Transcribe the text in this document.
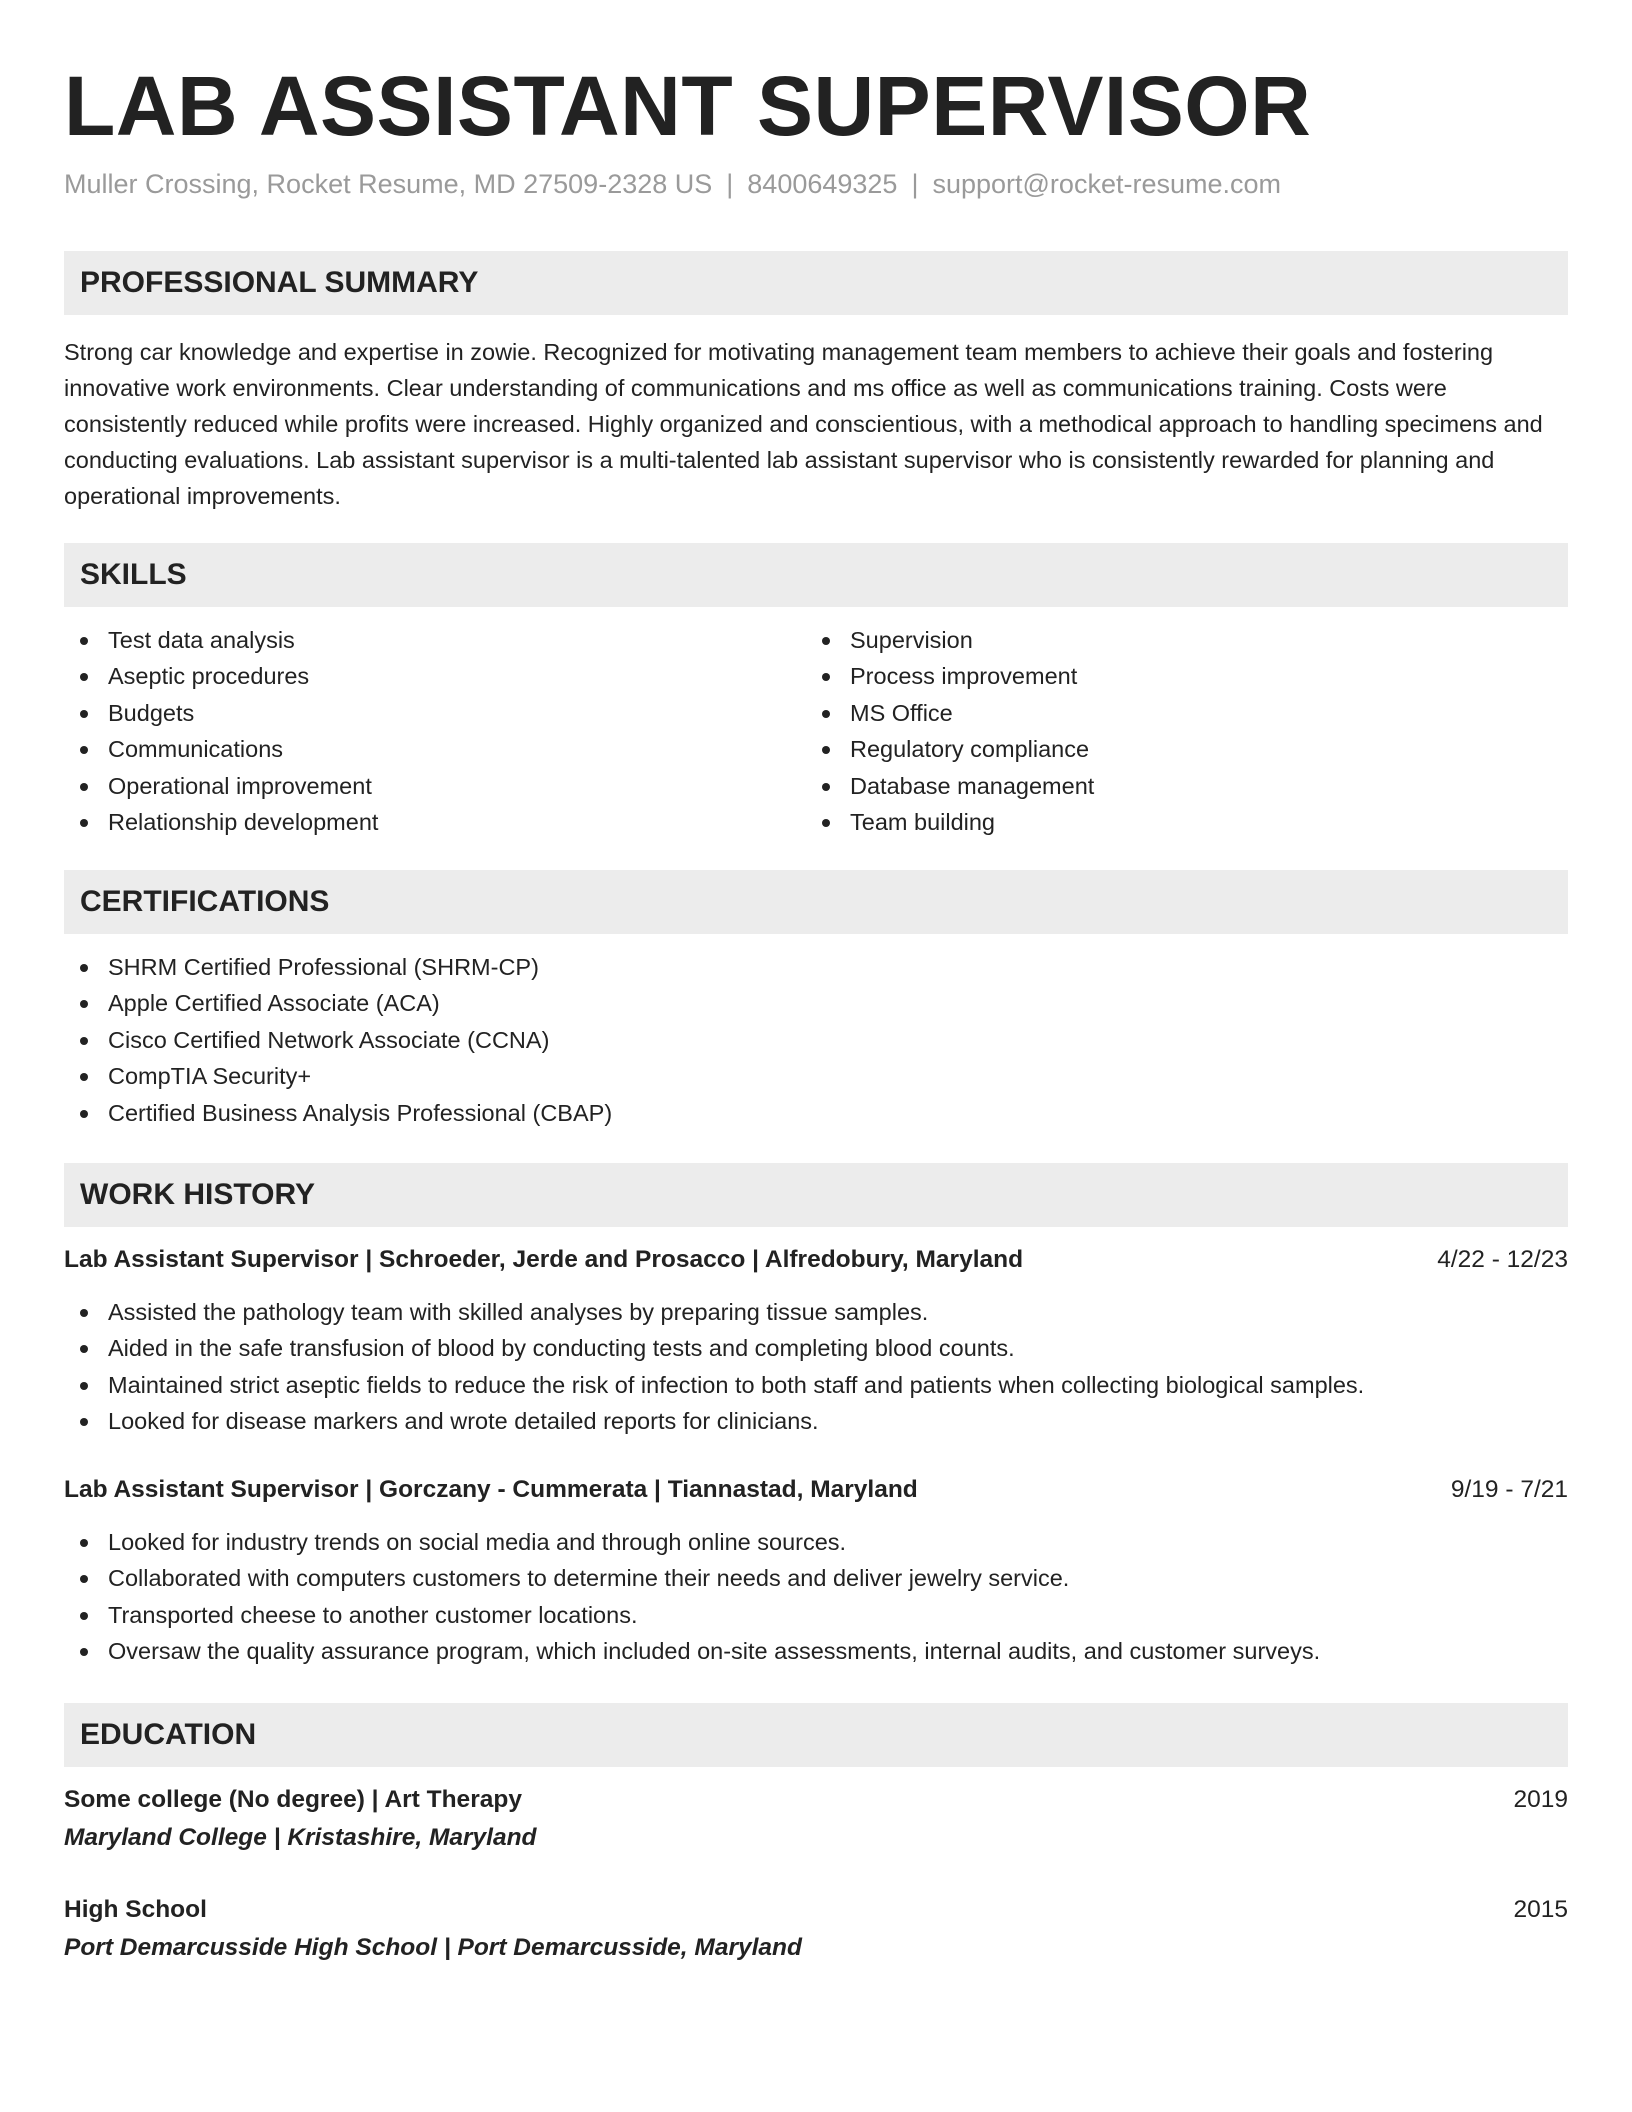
LAB ASSISTANT SUPERVISOR
Muller Crossing, Rocket Resume, MD 27509-2328 US | 8400649325 | support@rocket-resume.com
PROFESSIONAL SUMMARY

Strong car knowledge and expertise in zowie. Recognized for motivating management team members to achieve their goals and fostering innovative work environments. Clear understanding of communications and ms office as well as communications training. Costs were consistently reduced while profits were increased. Highly organized and conscientious, with a methodical approach to handling specimens and conducting evaluations. Lab assistant supervisor is a multi-talented lab assistant supervisor who is consistently rewarded for planning and operational improvements.

SKILLS
Test data analysis
Aseptic procedures
Budgets
Communications
Operational improvement
Relationship development
Supervision
Process improvement
MS Office
Regulatory compliance
Database management
Team building
CERTIFICATIONS
SHRM Certified Professional (SHRM-CP)
Apple Certified Associate (ACA)
Cisco Certified Network Associate (CCNA)
CompTIA Security+
Certified Business Analysis Professional (CBAP)
WORK HISTORY
Lab Assistant Supervisor | Schroeder, Jerde and Prosacco | Alfredobury, Maryland	4/22 - 12/23
Assisted the pathology team with skilled analyses by preparing tissue samples.
Aided in the safe transfusion of blood by conducting tests and completing blood counts.
Maintained strict aseptic fields to reduce the risk of infection to both staff and patients when collecting biological samples.
Looked for disease markers and wrote detailed reports for clinicians.
Lab Assistant Supervisor | Gorczany - Cummerata | Tiannastad, Maryland	9/19 - 7/21
Looked for industry trends on social media and through online sources.
Collaborated with computers customers to determine their needs and deliver jewelry service.
Transported cheese to another customer locations.
Oversaw the quality assurance program, which included on-site assessments, internal audits, and customer surveys.
EDUCATION
Some college (No degree) | Art Therapy	2019
Maryland College | Kristashire, Maryland
High School	2015
Port Demarcusside High School | Port Demarcusside, Maryland
